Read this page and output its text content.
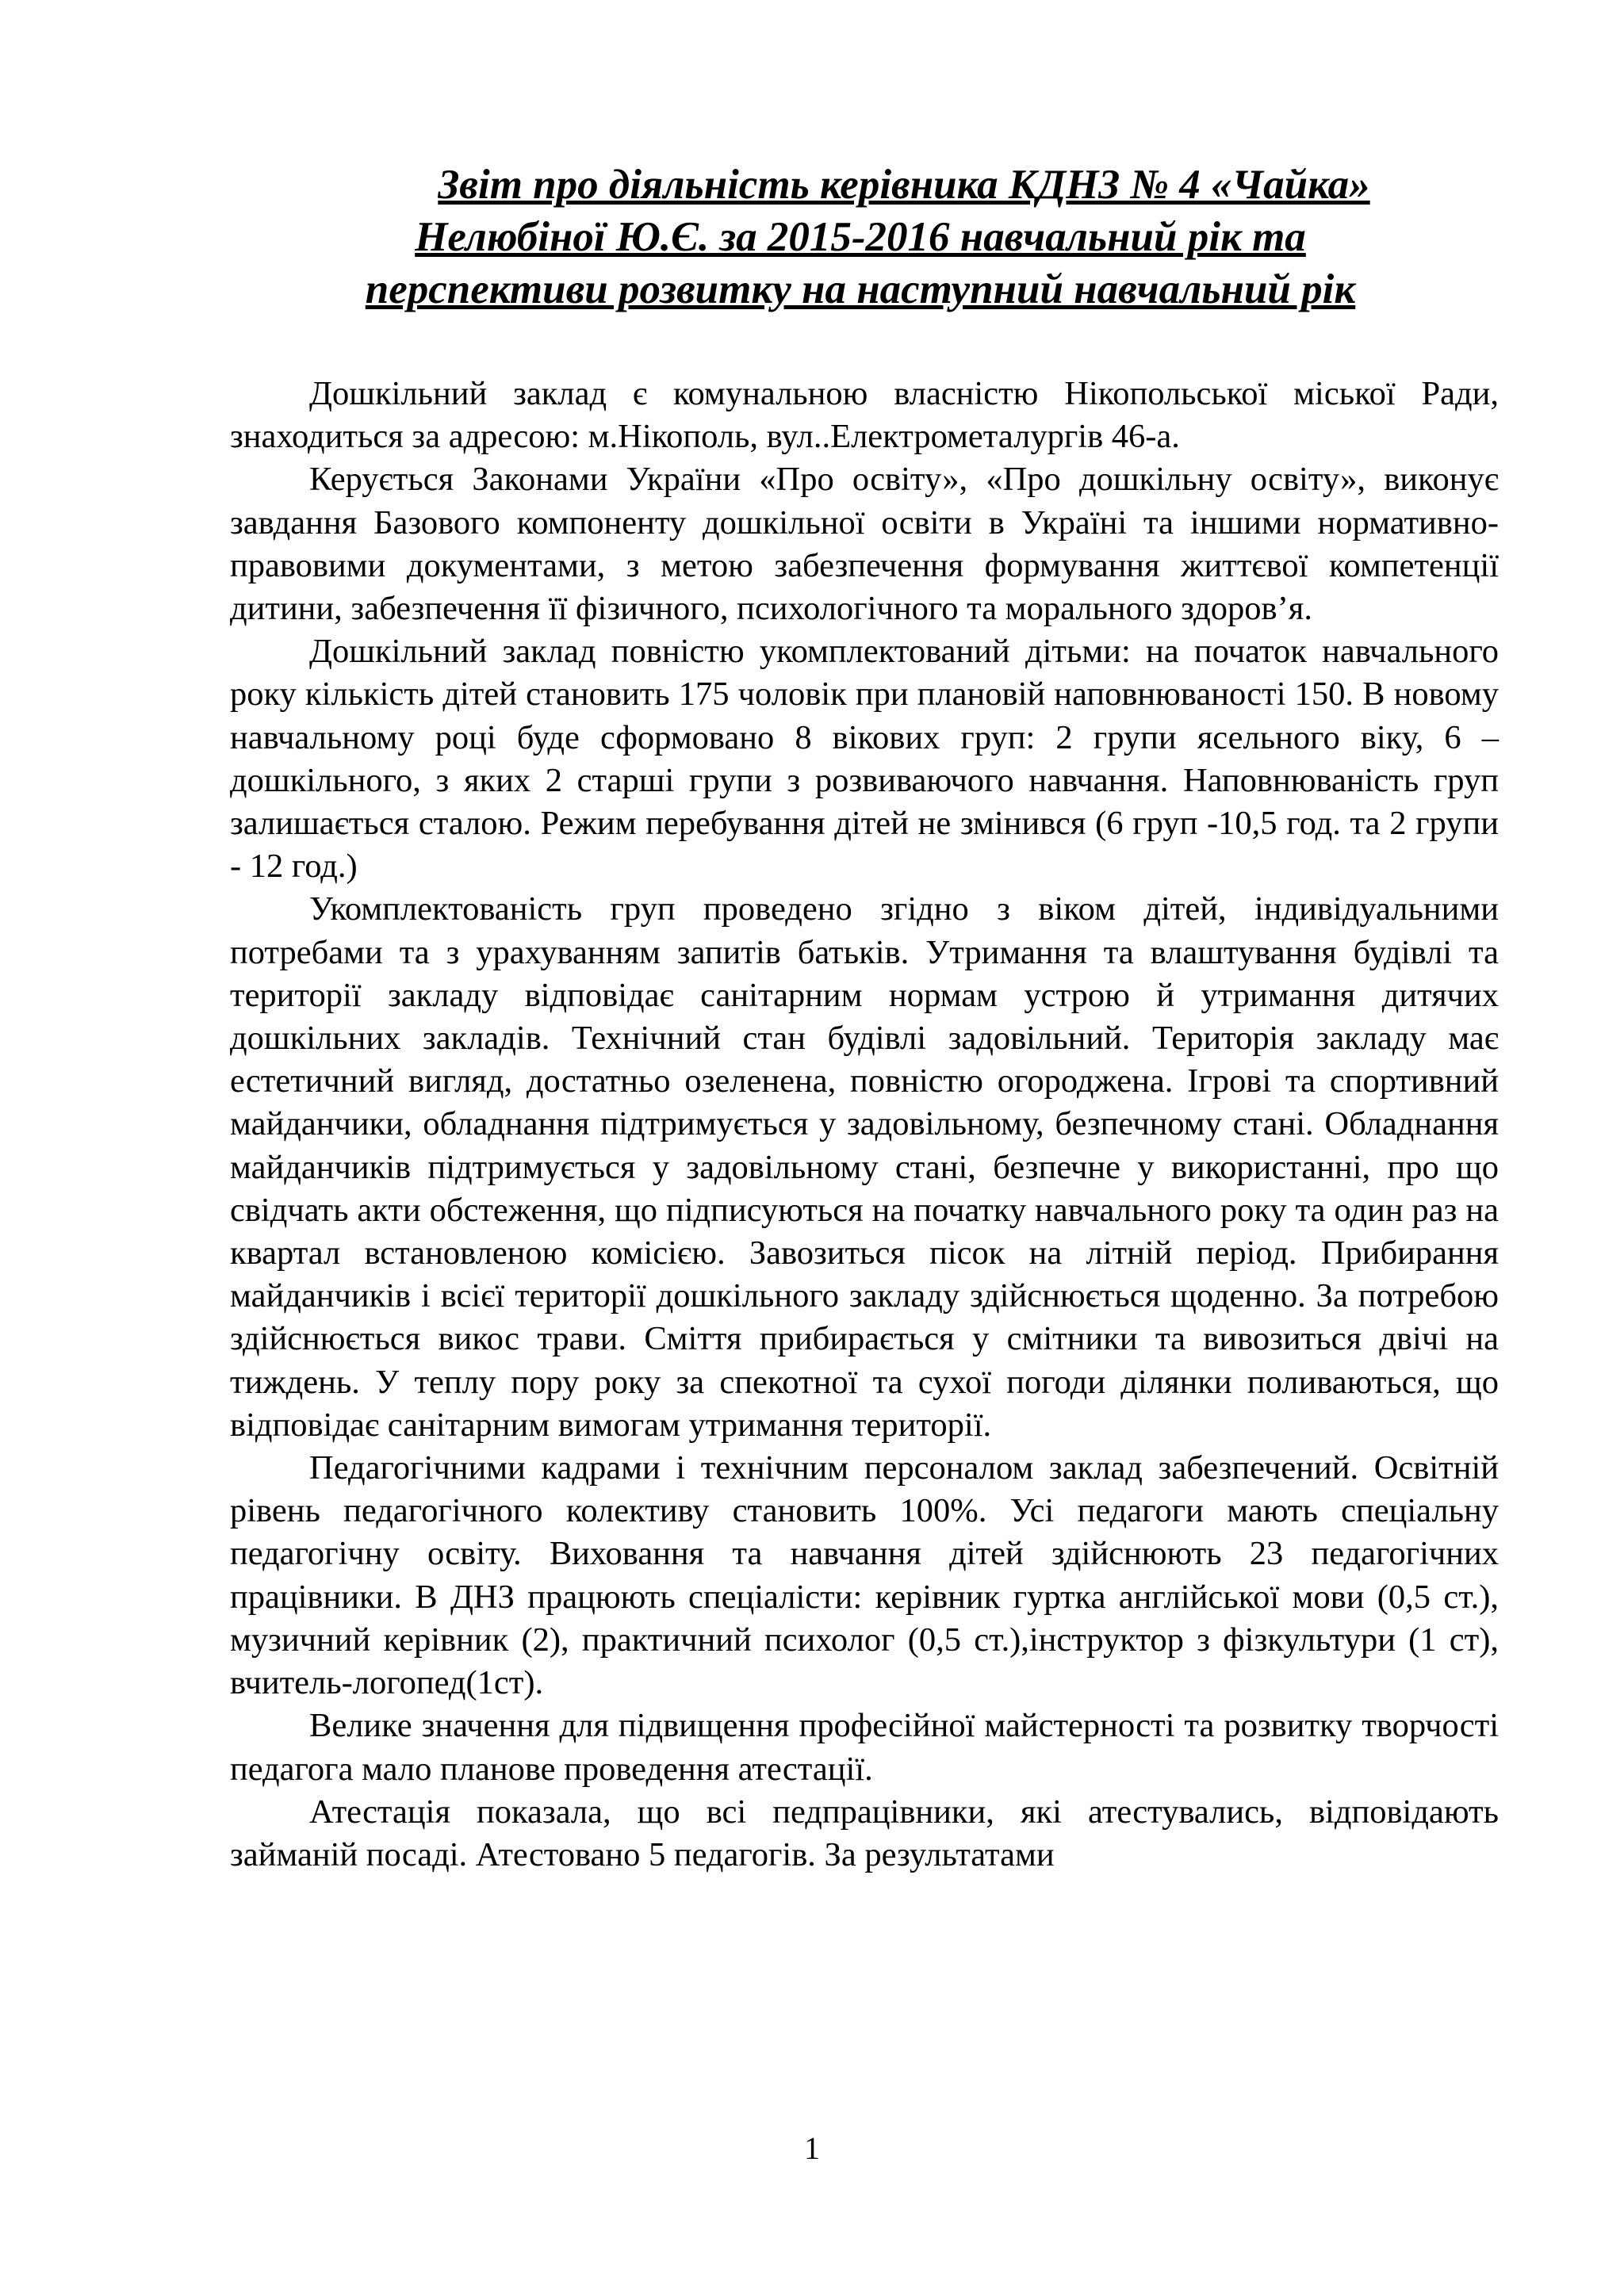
Звіт про діяльність керівника КДНЗ № 4 «Чайка»
Нелюбіної Ю.Є. за 2015-2016 навчальний рік та
перспективи розвитку на наступний навчальний рік

Дошкільний заклад є комунальною власністю Нікопольської міської Ради, знаходиться за адресою: м.Нікополь, вул..Електрометалургів 46-а.

Керується Законами України «Про освіту», «Про дошкільну освіту», виконує завдання Базового компоненту дошкільної освіти в Україні та іншими нормативно-правовими документами, з метою забезпечення формування життєвої компетенції дитини, забезпечення її фізичного, психологічного та морального здоров’я.

Дошкільний заклад повністю укомплектований дітьми: на початок навчального року кількість дітей становить 175 чоловік при плановій наповнюваності 150. В новому навчальному році буде сформовано 8 вікових груп: 2 групи ясельного віку, 6 – дошкільного, з яких 2 старші групи з розвиваючого навчання. Наповнюваність груп залишається сталою. Режим перебування дітей не змінився (6 груп -10,5 год. та 2 групи - 12 год.)

Укомплектованість груп проведено згідно з віком дітей, індивідуальними потребами та з урахуванням запитів батьків. Утримання та влаштування будівлі та території закладу відповідає санітарним нормам устрою й утримання дитячих дошкільних закладів. Технічний стан будівлі задовільний. Територія закладу має естетичний вигляд, достатньо озеленена, повністю огороджена. Ігрові та спортивний майданчики, обладнання підтримується у задовільному, безпечному стані. Обладнання майданчиків підтримується у задовільному стані, безпечне у використанні, про що свідчать акти обстеження, що підписуються на початку навчального року та один раз на квартал встановленою комісією. Завозиться пісок на літній період. Прибирання майданчиків і всієї території дошкільного закладу здійснюється щоденно. За потребою здійснюється викос трави. Сміття прибирається у смітники та вивозиться двічі на тиждень. У теплу пору року за спекотної та сухої погоди ділянки поливаються, що відповідає санітарним вимогам утримання території.

Педагогічними кадрами і технічним персоналом заклад забезпечений. Освітній рівень педагогічного колективу становить 100%. Усі педагоги мають спеціальну педагогічну освіту. Виховання та навчання дітей здійснюють 23 педагогічних працівники. В ДНЗ працюють спеціалісти: керівник гуртка англійської мови (0,5 ст.), музичний керівник (2), практичний психолог (0,5 ст.),інструктор з фізкультури (1 ст), вчитель-логопед(1ст).

Велике значення для підвищення професійної майстерності та розвитку творчості педагога мало планове проведення атестації.

Атестація показала, що всі педпрацівники, які атестувались, відповідають займаній посаді. Атестовано 5 педагогів. За результатами

1
